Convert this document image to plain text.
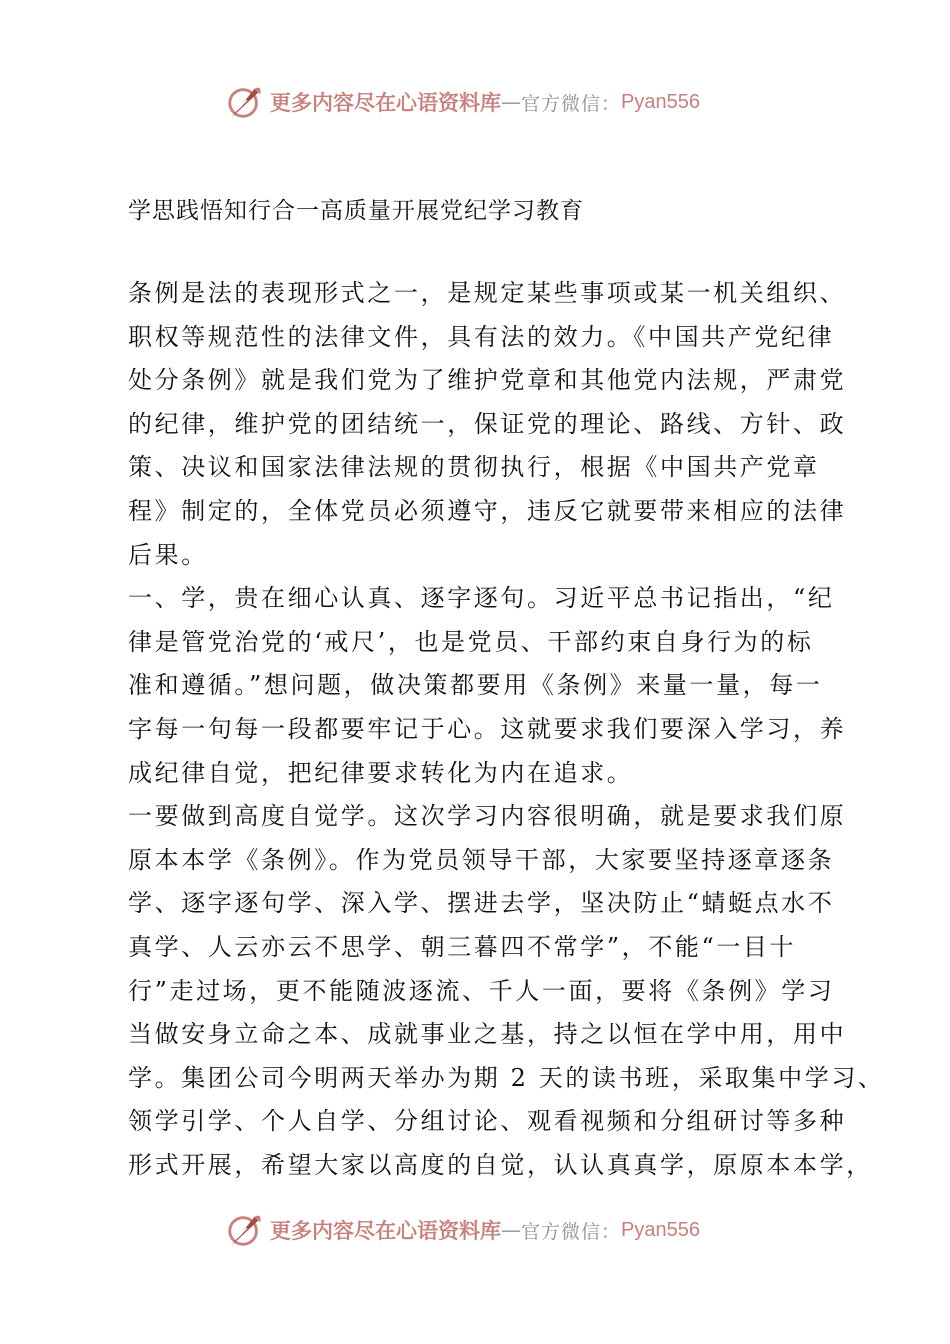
更多内容尽在心语资料库 — 官方微信： Pyan556
学思践悟知行合一高质量开展党纪学习教育
条例是法的表现形式之一，是规定某些事项或某一机关组织、
职权等规范性的法律文件，具有法的效力。《中国共产党纪律
处分条例》就是我们党为了维护党章和其他党内法规，严肃党
的纪律，维护党的团结统一，保证党的理论、路线、方针、政
策、决议和国家法律法规的贯彻执行，根据《中国共产党章
程》制定的，全体党员必须遵守，违反它就要带来相应的法律
后果。
一、学，贵在细心认真、逐字逐句。习近平总书记指出，“纪
律是管党治党的‘戒尺’，也是党员、干部约束自身行为的标
准和遵循。”想问题，做决策都要用《条例》来量一量，每一
字每一句每一段都要牢记于心。这就要求我们要深入学习，养
成纪律自觉，把纪律要求转化为内在追求。
一要做到高度自觉学。这次学习内容很明确，就是要求我们原
原本本学《条例》。作为党员领导干部，大家要坚持逐章逐条
学、逐字逐句学、深入学、摆进去学，坚决防止“蜻蜓点水不
真学、人云亦云不思学、朝三暮四不常学”，不能“一目十
行”走过场，更不能随波逐流、千人一面，要将《条例》学习
当做安身立命之本、成就事业之基，持之以恒在学中用，用中
学。集团公司今明两天举办为期 2 天的读书班，采取集中学习、
领学引学、个人自学、分组讨论、观看视频和分组研讨等多种
形式开展，希望大家以高度的自觉，认认真真学，原原本本学，
更多内容尽在心语资料库 — 官方微信： Pyan556
